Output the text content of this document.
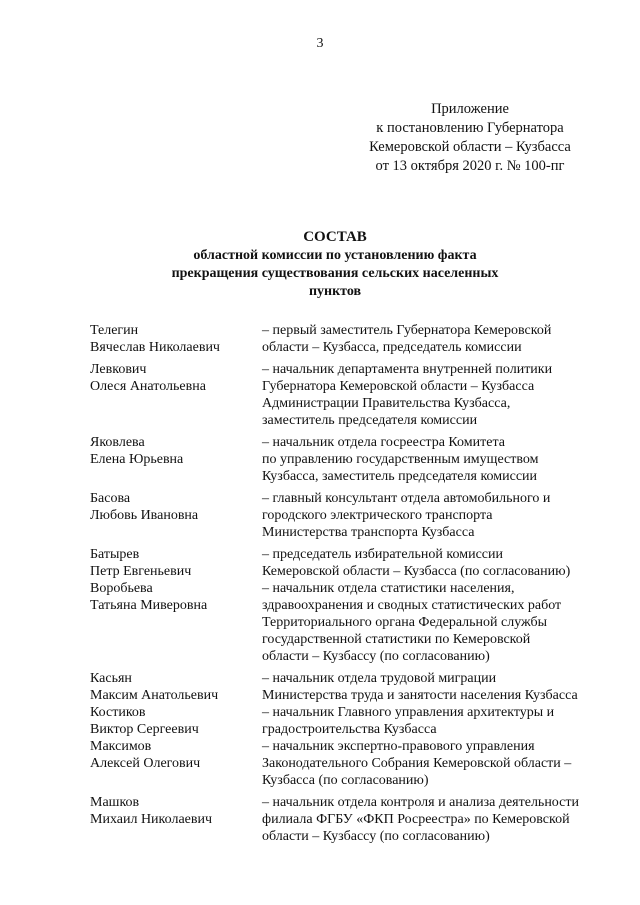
3
Приложение
к постановлению Губернатора
Кемеровской области – Кузбасса
от 13 октября 2020 г. № 100-пг
СОСТАВ
областной комиссии по установлению факта
прекращения существования сельских населенных
пунктов
Телегин
Вячеслав Николаевич
– первый заместитель Губернатора Кемеровской
области – Кузбасса, председатель комиссии
Левкович
Олеся Анатольевна
– начальник департамента внутренней политики
Губернатора Кемеровской области – Кузбасса
Администрации Правительства Кузбасса,
заместитель председателя комиссии
Яковлева
Елена Юрьевна
– начальник отдела госреестра Комитета
по управлению государственным имуществом
Кузбасса, заместитель председателя комиссии
Басова
Любовь Ивановна
– главный консультант отдела автомобильного и
городского электрического транспорта
Министерства транспорта Кузбасса
Батырев
Петр Евгеньевич
Воробьева
Татьяна Миверовна
– председатель избирательной комиссии
Кемеровской области – Кузбасса (по согласованию)
– начальник отдела статистики населения,
здравоохранения и сводных статистических работ
Территориального органа Федеральной службы
государственной статистики по Кемеровской
области – Кузбассу (по согласованию)
Касьян
Максим Анатольевич
Костиков
Виктор Сергеевич
Максимов
Алексей Олегович
– начальник отдела трудовой миграции
Министерства труда и занятости населения Кузбасса
– начальник Главного управления архитектуры и
градостроительства Кузбасса
– начальник экспертно-правового управления
Законодательного Собрания Кемеровской области –
Кузбасса (по согласованию)
Машков
Михаил Николаевич
– начальник отдела контроля и анализа деятельности
филиала ФГБУ «ФКП Росреестра» по Кемеровской
области – Кузбассу (по согласованию)
